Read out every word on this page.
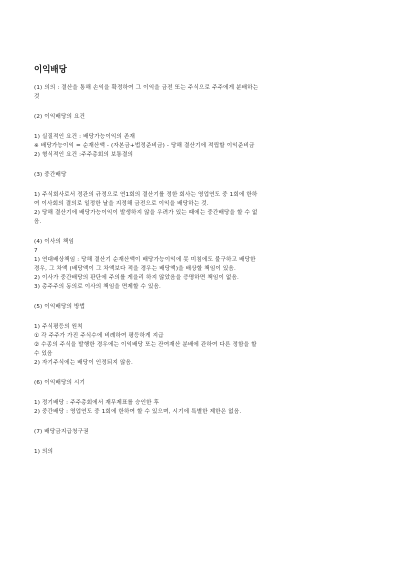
이익배당
(1) 의의 : 결산을 통해 손익을 확정하여 그 이익을 금전 또는 주식으로 주주에게 분배하는
것
(2) 이익배당의 요건
1) 실질적인 요건 : 배당가능이익의 존재
※ 배당가능이익 = 순재산액 - (자본금+법정준비금) - 당해 결산기에 적립할 이익준비금
2) 형식적인 요건 :주주총회의 보통결의
(3) 중간배당
1) 주식회사로서 정관의 규정으로 연1회의 결산기를 정한 회사는 영업연도 중 1회에 한하
여 이사회의 결의로 일정한 날을 지정해 금전으로 이익을 배당하는 것.
2) 당해 결산기에 배당가능이익이 발생하지 않을 우려가 있는 때에는 중간배당을 할 수 없
음.
(4) 이사의 책임
7
1) 연대배상책임 : 당해 결산기 순재산액이 배당가능이익에 못 미침에도 불구하고 배당한
경우, 그 차액 (배당액이 그 차액보다 적을 경우는 배당액)을 배상할 책임이 있음.
2) 이사가 중간배당의 판단에 주의를 게을리 하지 않았음을 증명하면 책임이 없음.
3) 총주주의 동의로 이사의 책임을 면제할 수 있음.
(5) 이익배당의 방법
1) 주식평등의 원칙
① 각 주주가 가진 주식수에 비례하여 평등하게 지급
② 수종의 주식을 발행한 경우에는 이익배당 또는 잔여재산 분배에 관하여 다른 정함을 할
수 있음
2) 자기주식에는 배당이 인정되지 않음.
(6) 이익배당의 시기
1) 정기배당 : 주주총회에서 재무제표를 승인한 후
2) 중간배당 : 영업연도 중 1회에 한하여 할 수 있으며, 시기에 특별한 제한은 없음.
(7) 배당금지급청구권
1) 의의
